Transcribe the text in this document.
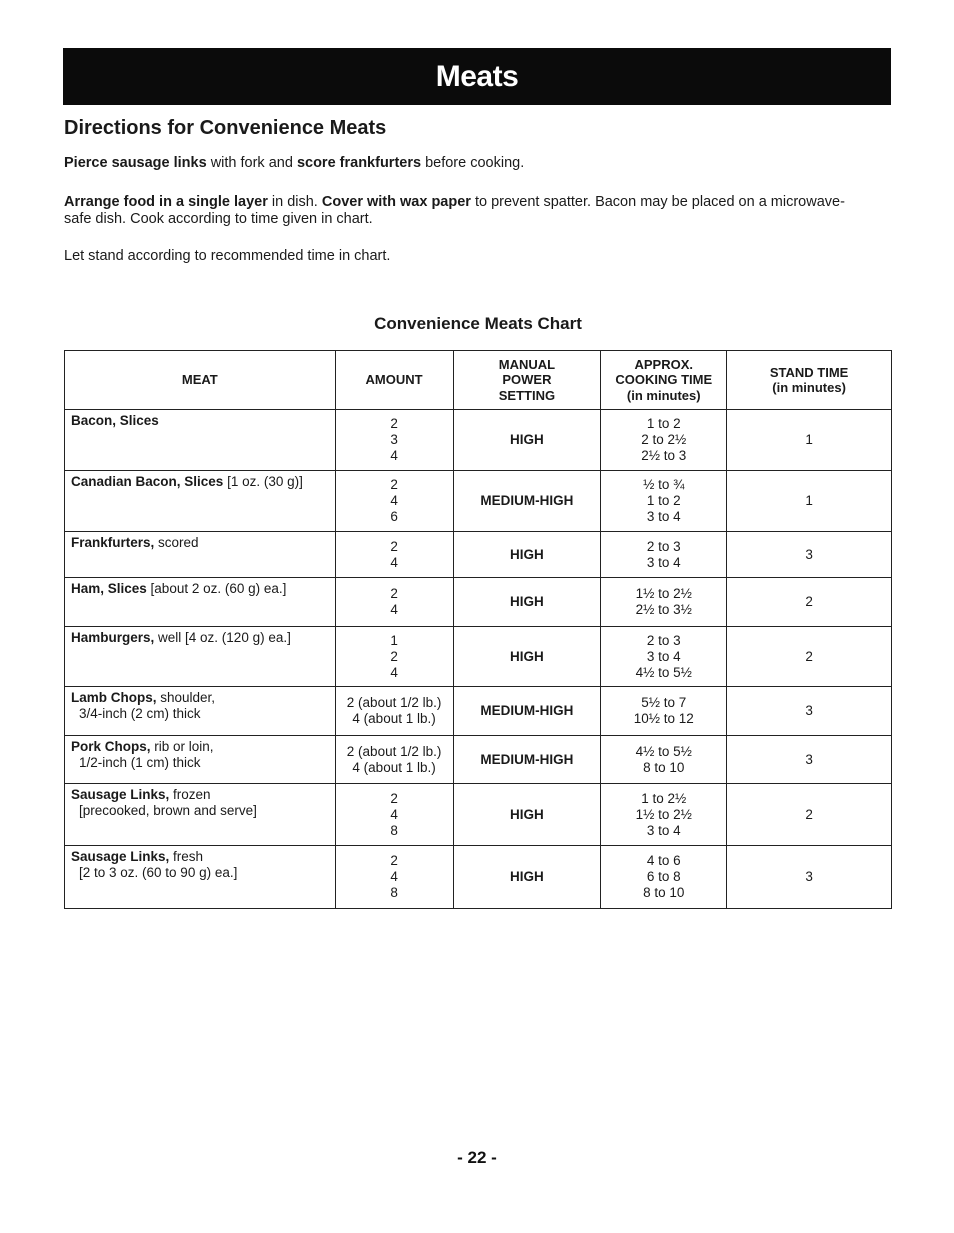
Meats
Directions for Convenience Meats
Pierce sausage links with fork and score frankfurters before cooking.
Arrange food in a single layer in dish. Cover with wax paper to prevent spatter. Bacon may be placed on a microwave-safe dish. Cook according to time given in chart.
Let stand according to recommended time in chart.
Convenience Meats Chart
MEAT	AMOUNT	MANUAL
POWER
SETTING	APPROX.
COOKING TIME
(in minutes)	STAND TIME
(in minutes)

Bacon, Slices	2
3
4	HIGH	1 to 2
2 to 2½
2½ to 3	1
Canadian Bacon, Slices [1 oz. (30 g)]	2
4
6	MEDIUM-HIGH	½ to ¾
1 to 2
3 to 4	1
Frankfurters, scored	2
4	HIGH	2 to 3
3 to 4	3
Ham, Slices [about 2 oz. (60 g) ea.]	2
4	HIGH	1½ to 2½
2½ to 3½	2
Hamburgers, well [4 oz. (120 g) ea.]	1
2
4	HIGH	2 to 3
3 to 4
4½ to 5½	2
Lamb Chops, shoulder,
3/4-inch (2 cm) thick	2 (about 1/2 lb.)
4 (about 1 lb.)	MEDIUM-HIGH	5½ to 7
10½ to 12	3
Pork Chops, rib or loin,
1/2-inch (1 cm) thick	2 (about 1/2 lb.)
4 (about 1 lb.)	MEDIUM-HIGH	4½ to 5½
8 to 10	3
Sausage Links, frozen
[precooked, brown and serve]	2
4
8	HIGH	1 to 2½
1½ to 2½
3 to 4	2
Sausage Links, fresh
[2 to 3 oz. (60 to 90 g) ea.]	2
4
8	HIGH	4 to 6
6 to 8
8 to 10	3
- 22 -
